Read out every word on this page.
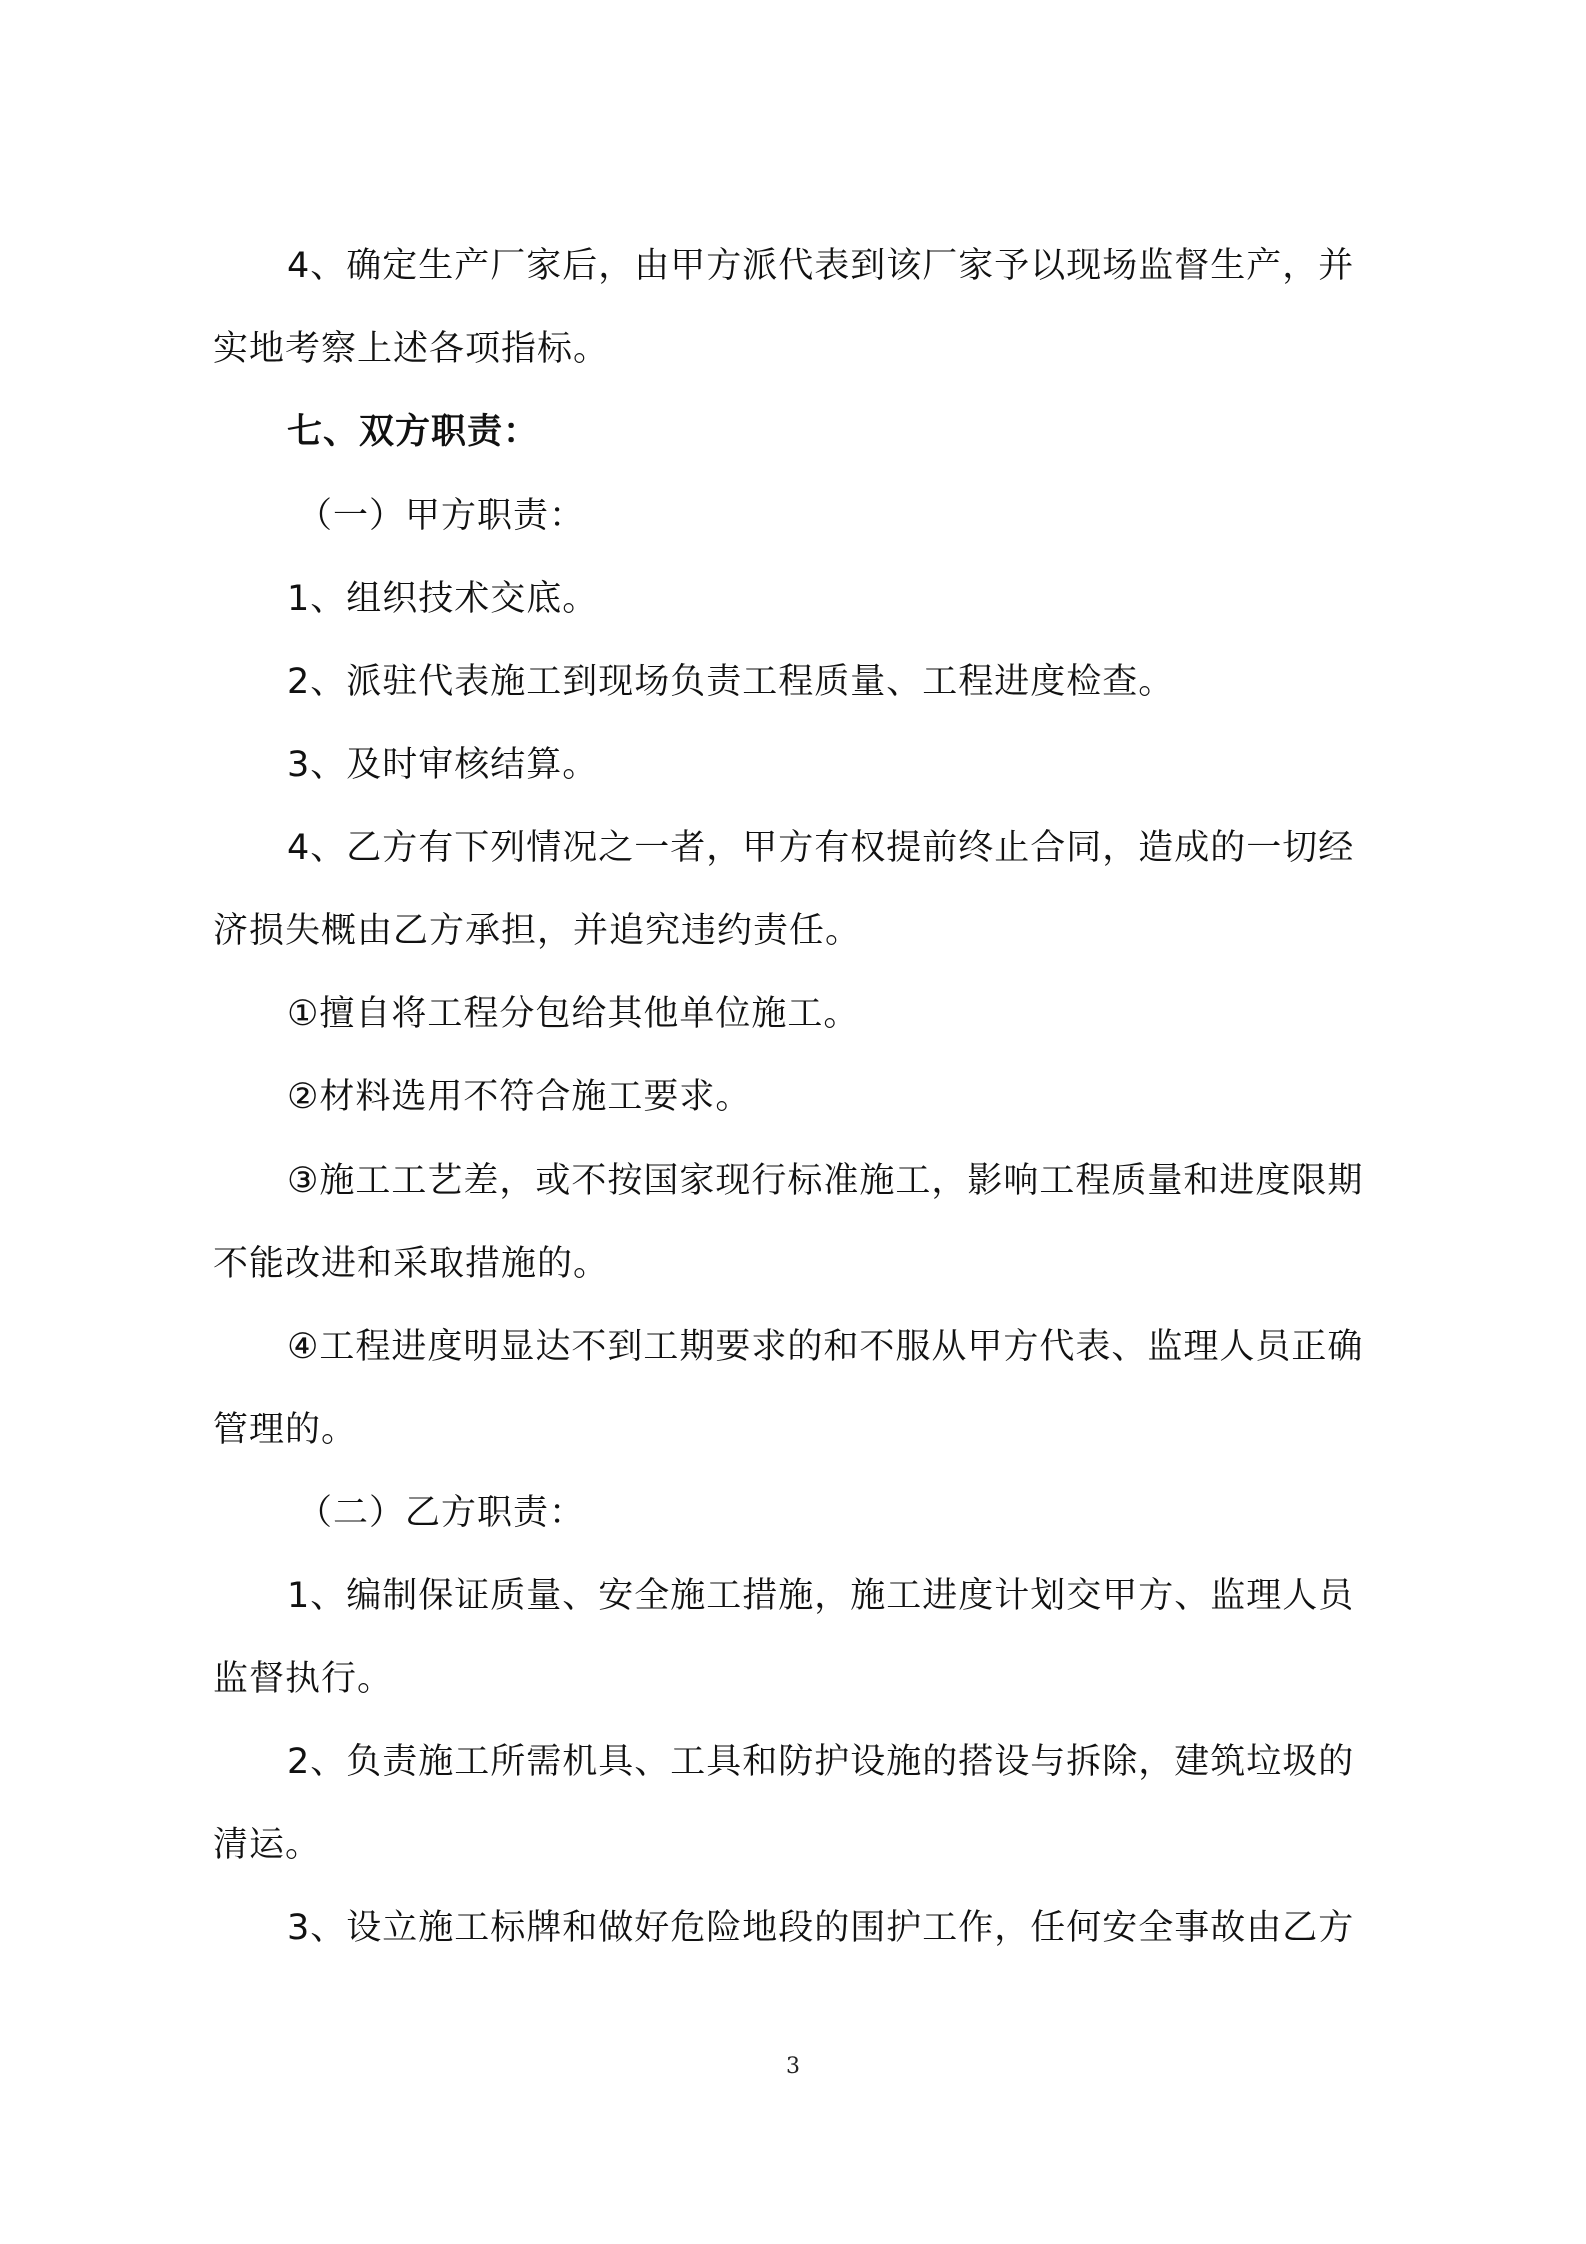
4、确定生产厂家后，由甲方派代表到该厂家予以现场监督生产，并
实地考察上述各项指标。
七、双方职责：
（一）甲方职责：
1、组织技术交底。
2、派驻代表施工到现场负责工程质量、工程进度检查。
3、及时审核结算。
4、乙方有下列情况之一者，甲方有权提前终止合同，造成的一切经
济损失概由乙方承担，并追究违约责任。
①擅自将工程分包给其他单位施工。
②材料选用不符合施工要求。
③施工工艺差，或不按国家现行标准施工，影响工程质量和进度限期
不能改进和采取措施的。
④工程进度明显达不到工期要求的和不服从甲方代表、监理人员正确
管理的。
（二）乙方职责：
1、编制保证质量、安全施工措施，施工进度计划交甲方、监理人员
监督执行。
2、负责施工所需机具、工具和防护设施的搭设与拆除，建筑垃圾的
清运。
3、设立施工标牌和做好危险地段的围护工作，任何安全事故由乙方
3
